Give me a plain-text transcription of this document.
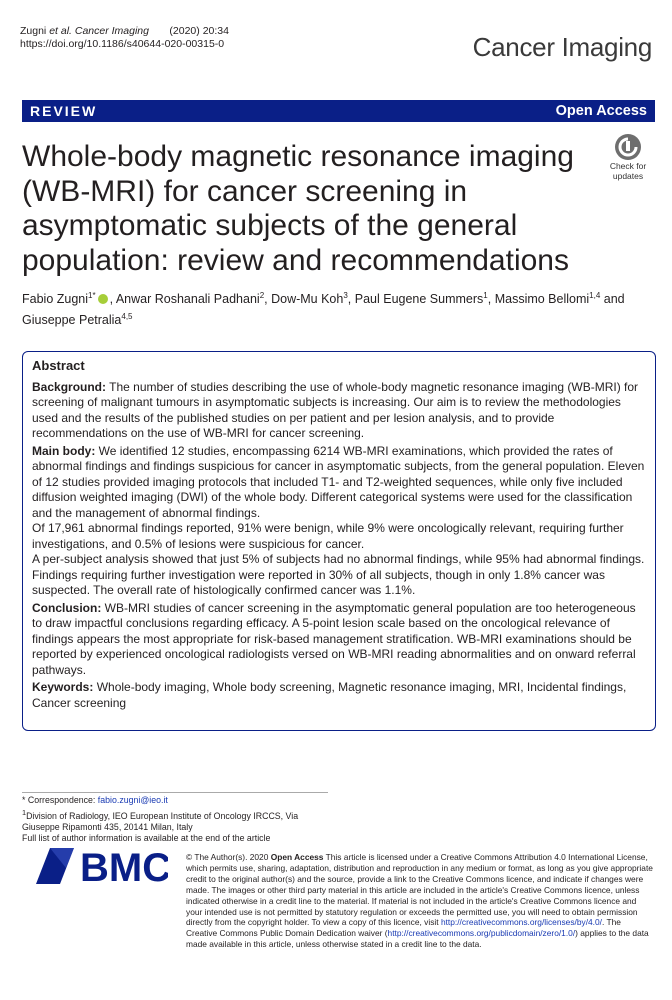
Zugni et al. Cancer Imaging (2020) 20:34
https://doi.org/10.1186/s40644-020-00315-0	Cancer Imaging
REVIEW	Open Access
Whole-body magnetic resonance imaging (WB-MRI) for cancer screening in asymptomatic subjects of the general population: review and recommendations
Check for
updates
Fabio Zugni$^{1*}$ , Anwar Roshanali Padhani$^2$, Dow-Mu Koh$^3$, Paul Eugene Summers$^1$, Massimo Bellomi$^{1,4}$ and Giuseppe Petralia$^{4,5}$
Abstract

Background: The number of studies describing the use of whole-body magnetic resonance imaging (WB-MRI) for screening of malignant tumours in asymptomatic subjects is increasing. Our aim is to review the methodologies used and the results of the published studies on per patient and per lesion analysis, and to provide recommendations on the use of WB-MRI for cancer screening.

Main body: We identified 12 studies, encompassing 6214 WB-MRI examinations, which provided the rates of abnormal findings and findings suspicious for cancer in asymptomatic subjects, from the general population. Eleven of 12 studies provided imaging protocols that included T1- and T2-weighted sequences, while only five included diffusion weighted imaging (DWI) of the whole body. Different categorical systems were used for the classification and the management of abnormal findings.

Of 17,961 abnormal findings reported, 91% were benign, while 9% were oncologically relevant, requiring further investigations, and 0.5% of lesions were suspicious for cancer.

A per-subject analysis showed that just 5% of subjects had no abnormal findings, while 95% had abnormal findings. Findings requiring further investigation were reported in 30% of all subjects, though in only 1.8% cancer was suspected. The overall rate of histologically confirmed cancer was 1.1%.

Conclusion: WB-MRI studies of cancer screening in the asymptomatic general population are too heterogeneous to draw impactful conclusions regarding efficacy. A 5-point lesion scale based on the oncological relevance of findings appears the most appropriate for risk-based management stratification. WB-MRI examinations should be reported by experienced oncological radiologists versed on WB-MRI reading abnormalities and on onward referral pathways.

Keywords: Whole-body imaging, Whole body screening, Magnetic resonance imaging, MRI, Incidental findings, Cancer screening

* Correspondence: fabio.zugni@ieo.it
$^1$Division of Radiology, IEO European Institute of Oncology IRCCS, Via
Giuseppe Ripamonti 435, 20141 Milan, Italy
Full list of author information is available at the end of the article
BMC © The Author(s). 2020 Open Access This article is licensed under a Creative Commons Attribution 4.0 International License, which permits use, sharing, adaptation, distribution and reproduction in any medium or format, as long as you give appropriate credit to the original author(s) and the source, provide a link to the Creative Commons licence, and indicate if changes were made. The images or other third party material in this article are included in the article's Creative Commons licence, unless indicated otherwise in a credit line to the material. If material is not included in the article's Creative Commons licence and your intended use is not permitted by statutory regulation or exceeds the permitted use, you will need to obtain permission directly from the copyright holder. To view a copy of this licence, visit http://creativecommons.org/licenses/by/4.0/. The Creative Commons Public Domain Dedication waiver (http://creativecommons.org/publicdomain/zero/1.0/) applies to the data made available in this article, unless otherwise stated in a credit line to the data.
